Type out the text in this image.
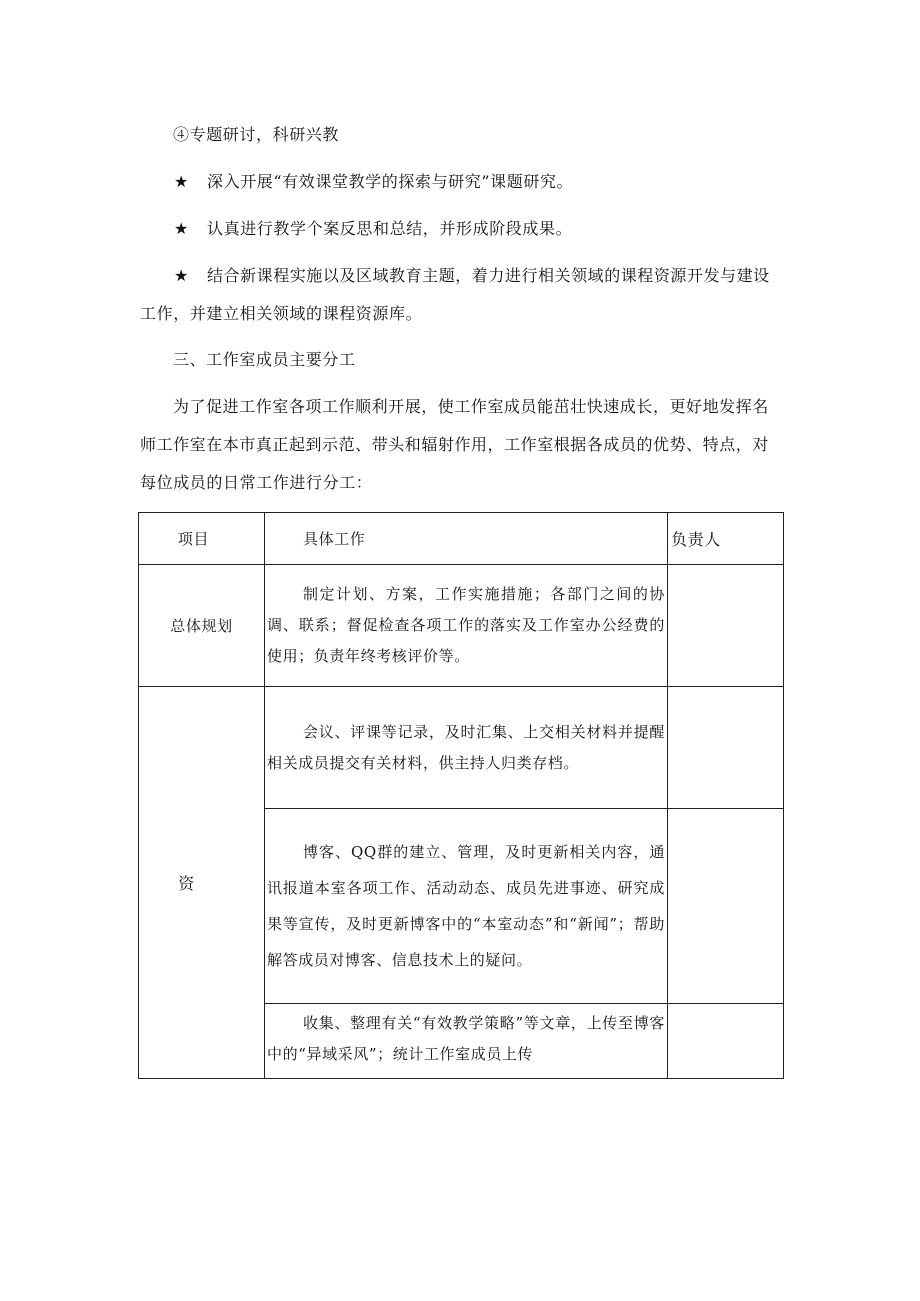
④专题研讨，科研兴教
★ 深入开展“有效课堂教学的探索与研究”课题研究。
★ 认真进行教学个案反思和总结，并形成阶段成果。
★ 结合新课程实施以及区域教育主题，着力进行相关领域的课程资源开发与建设
工作，并建立相关领域的课程资源库。
三、工作室成员主要分工
为了促进工作室各项工作顺利开展，使工作室成员能茁壮快速成长，更好地发挥名
师工作室在本市真正起到示范、带头和辐射作用，工作室根据各成员的优势、特点，对
每位成员的日常工作进行分工：
项目	具体工作	负责人
总体规划	制定计划、方案，工作实施措施；各部门之间的协调、联系；督促检查各项工作的落实及工作室办公经费的使用；负责年终考核评价等。	

资	会议、评课等记录，及时汇集、上交相关材料并提醒相关成员提交有关材料，供主持人归类存档。	

	博客、QQ群的建立、管理，及时更新相关内容，通讯报道本室各项工作、活动动态、成员先进事迹、研究成果等宣传，及时更新博客中的“本室动态”和“新闻”；帮助解答成员对博客、信息技术上的疑问。	

	收集、整理有关“有效教学策略”等文章，上传至博客中的“异域采风”；统计工作室成员上传	
